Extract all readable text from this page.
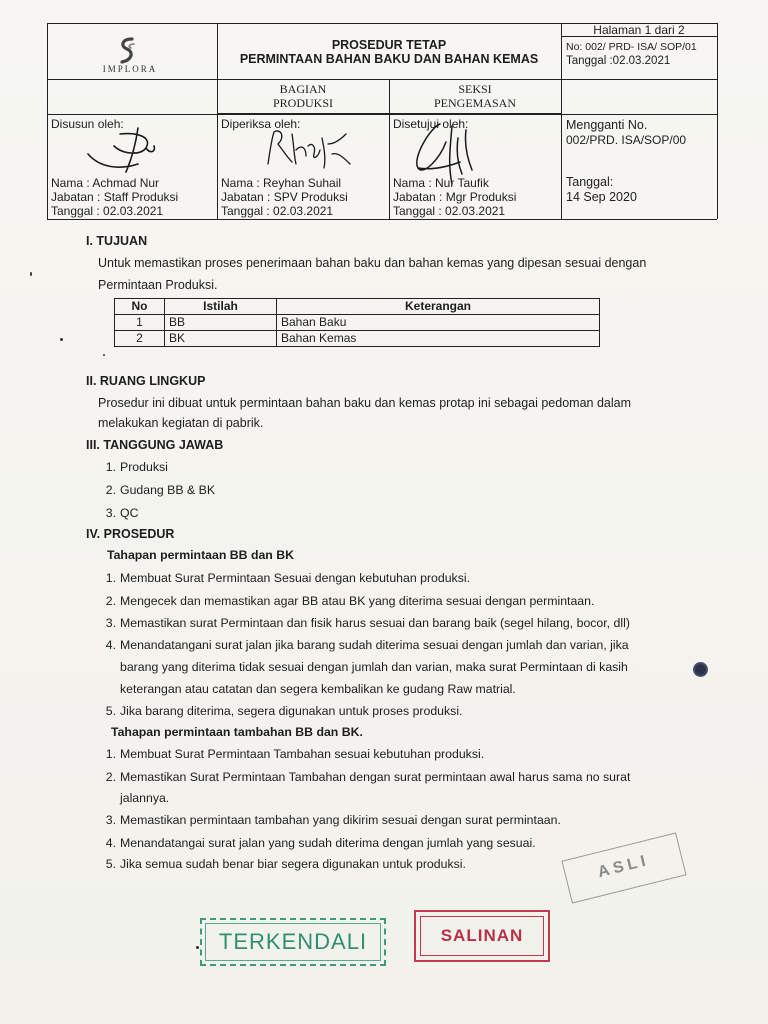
IMPLORA
PROSEDUR TETAP
PERMINTAAN BAHAN BAKU DAN BAHAN KEMAS
Halaman 1 dari 2
No: 002/ PRD- ISA/ SOP/01
Tanggal :02.03.2021
BAGIAN
PRODUKSI
SEKSI
PENGEMASAN
Disusun oleh:
Nama : Achmad Nur
Jabatan : Staff Produksi
Tanggal : 02.03.2021
Diperiksa oleh:
Nama : Reyhan Suhail
Jabatan : SPV Produksi
Tanggal : 02.03.2021
Disetujui oleh:
Nama : Nur Taufik
Jabatan : Mgr Produksi
Tanggal : 02.03.2021
Mengganti No.
002/PRD. ISA/SOP/00
Tanggal:
14 Sep 2020
I. TUJUAN
Untuk memastikan proses penerimaan bahan baku dan bahan kemas yang dipesan sesuai dengan
Permintaan Produksi.
No	Istilah	Keterangan
1	BB	Bahan Baku
2	BK	Bahan Kemas
II. RUANG LINGKUP
Prosedur ini dibuat untuk permintaan bahan baku dan kemas protap ini sebagai pedoman dalam
melakukan kegiatan di pabrik.
III. TANGGUNG JAWAB
1. Produksi
2. Gudang BB & BK
3. QC
IV. PROSEDUR
Tahapan permintaan BB dan BK
1. Membuat Surat Permintaan Sesuai dengan kebutuhan produksi.
2. Mengecek dan memastikan agar BB atau BK yang diterima sesuai dengan permintaan.
3. Memastikan surat Permintaan dan fisik harus sesuai dan barang baik (segel hilang, bocor, dll)
4. Menandatangani surat jalan jika barang sudah diterima sesuai dengan jumlah dan varian, jika
barang yang diterima tidak sesuai dengan jumlah dan varian, maka surat Permintaan di kasih
keterangan atau catatan dan segera kembalikan ke gudang Raw matrial.
5. Jika barang diterima, segera digunakan untuk proses produksi.
Tahapan permintaan tambahan BB dan BK.
1. Membuat Surat Permintaan Tambahan sesuai kebutuhan produksi.
2. Memastikan Surat Permintaan Tambahan dengan surat permintaan awal harus sama no surat
jalannya.
3. Memastikan permintaan tambahan yang dikirim sesuai dengan surat permintaan.
4. Menandatangai surat jalan yang sudah diterima dengan jumlah yang sesuai.
5. Jika semua sudah benar biar segera digunakan untuk produksi.	ASLI
TERKENDALI	SALINAN
